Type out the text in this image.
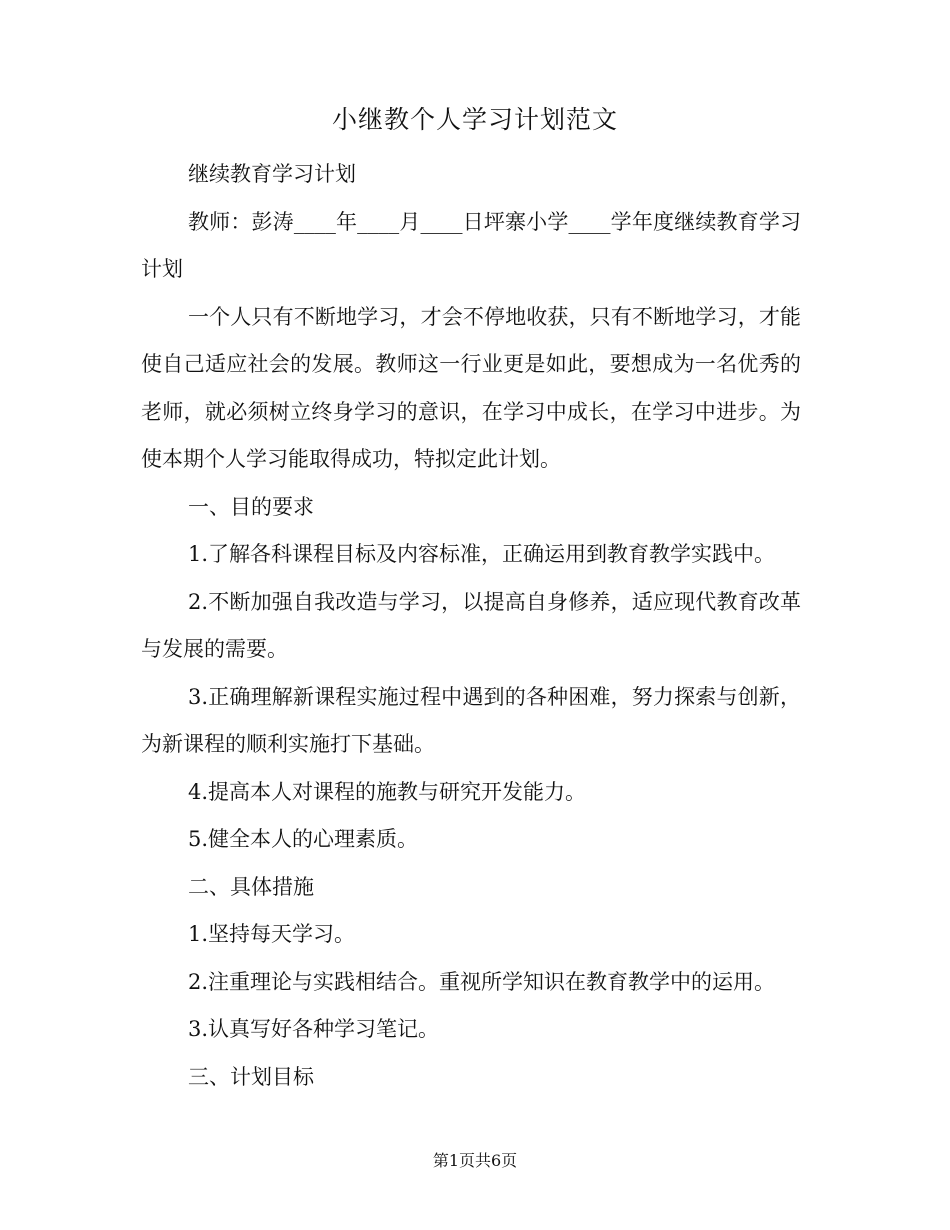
小继教个人学习计划范文

继续教育学习计划

教师：彭涛____年____月____日坪寨小学____学年度继续教育学习计划

一个人只有不断地学习，才会不停地收获，只有不断地学习，才能使自己适应社会的发展。教师这一行业更是如此，要想成为一名优秀的老师，就必须树立终身学习的意识，在学习中成长，在学习中进步。为使本期个人学习能取得成功，特拟定此计划。

一、目的要求

1.了解各科课程目标及内容标准，正确运用到教育教学实践中。

2.不断加强自我改造与学习，以提高自身修养，适应现代教育改革与发展的需要。

3.正确理解新课程实施过程中遇到的各种困难，努力探索与创新，为新课程的顺利实施打下基础。

4.提高本人对课程的施教与研究开发能力。

5.健全本人的心理素质。

二、具体措施

1.坚持每天学习。

2.注重理论与实践相结合。重视所学知识在教育教学中的运用。

3.认真写好各种学习笔记。

三、计划目标

第1页共6页
